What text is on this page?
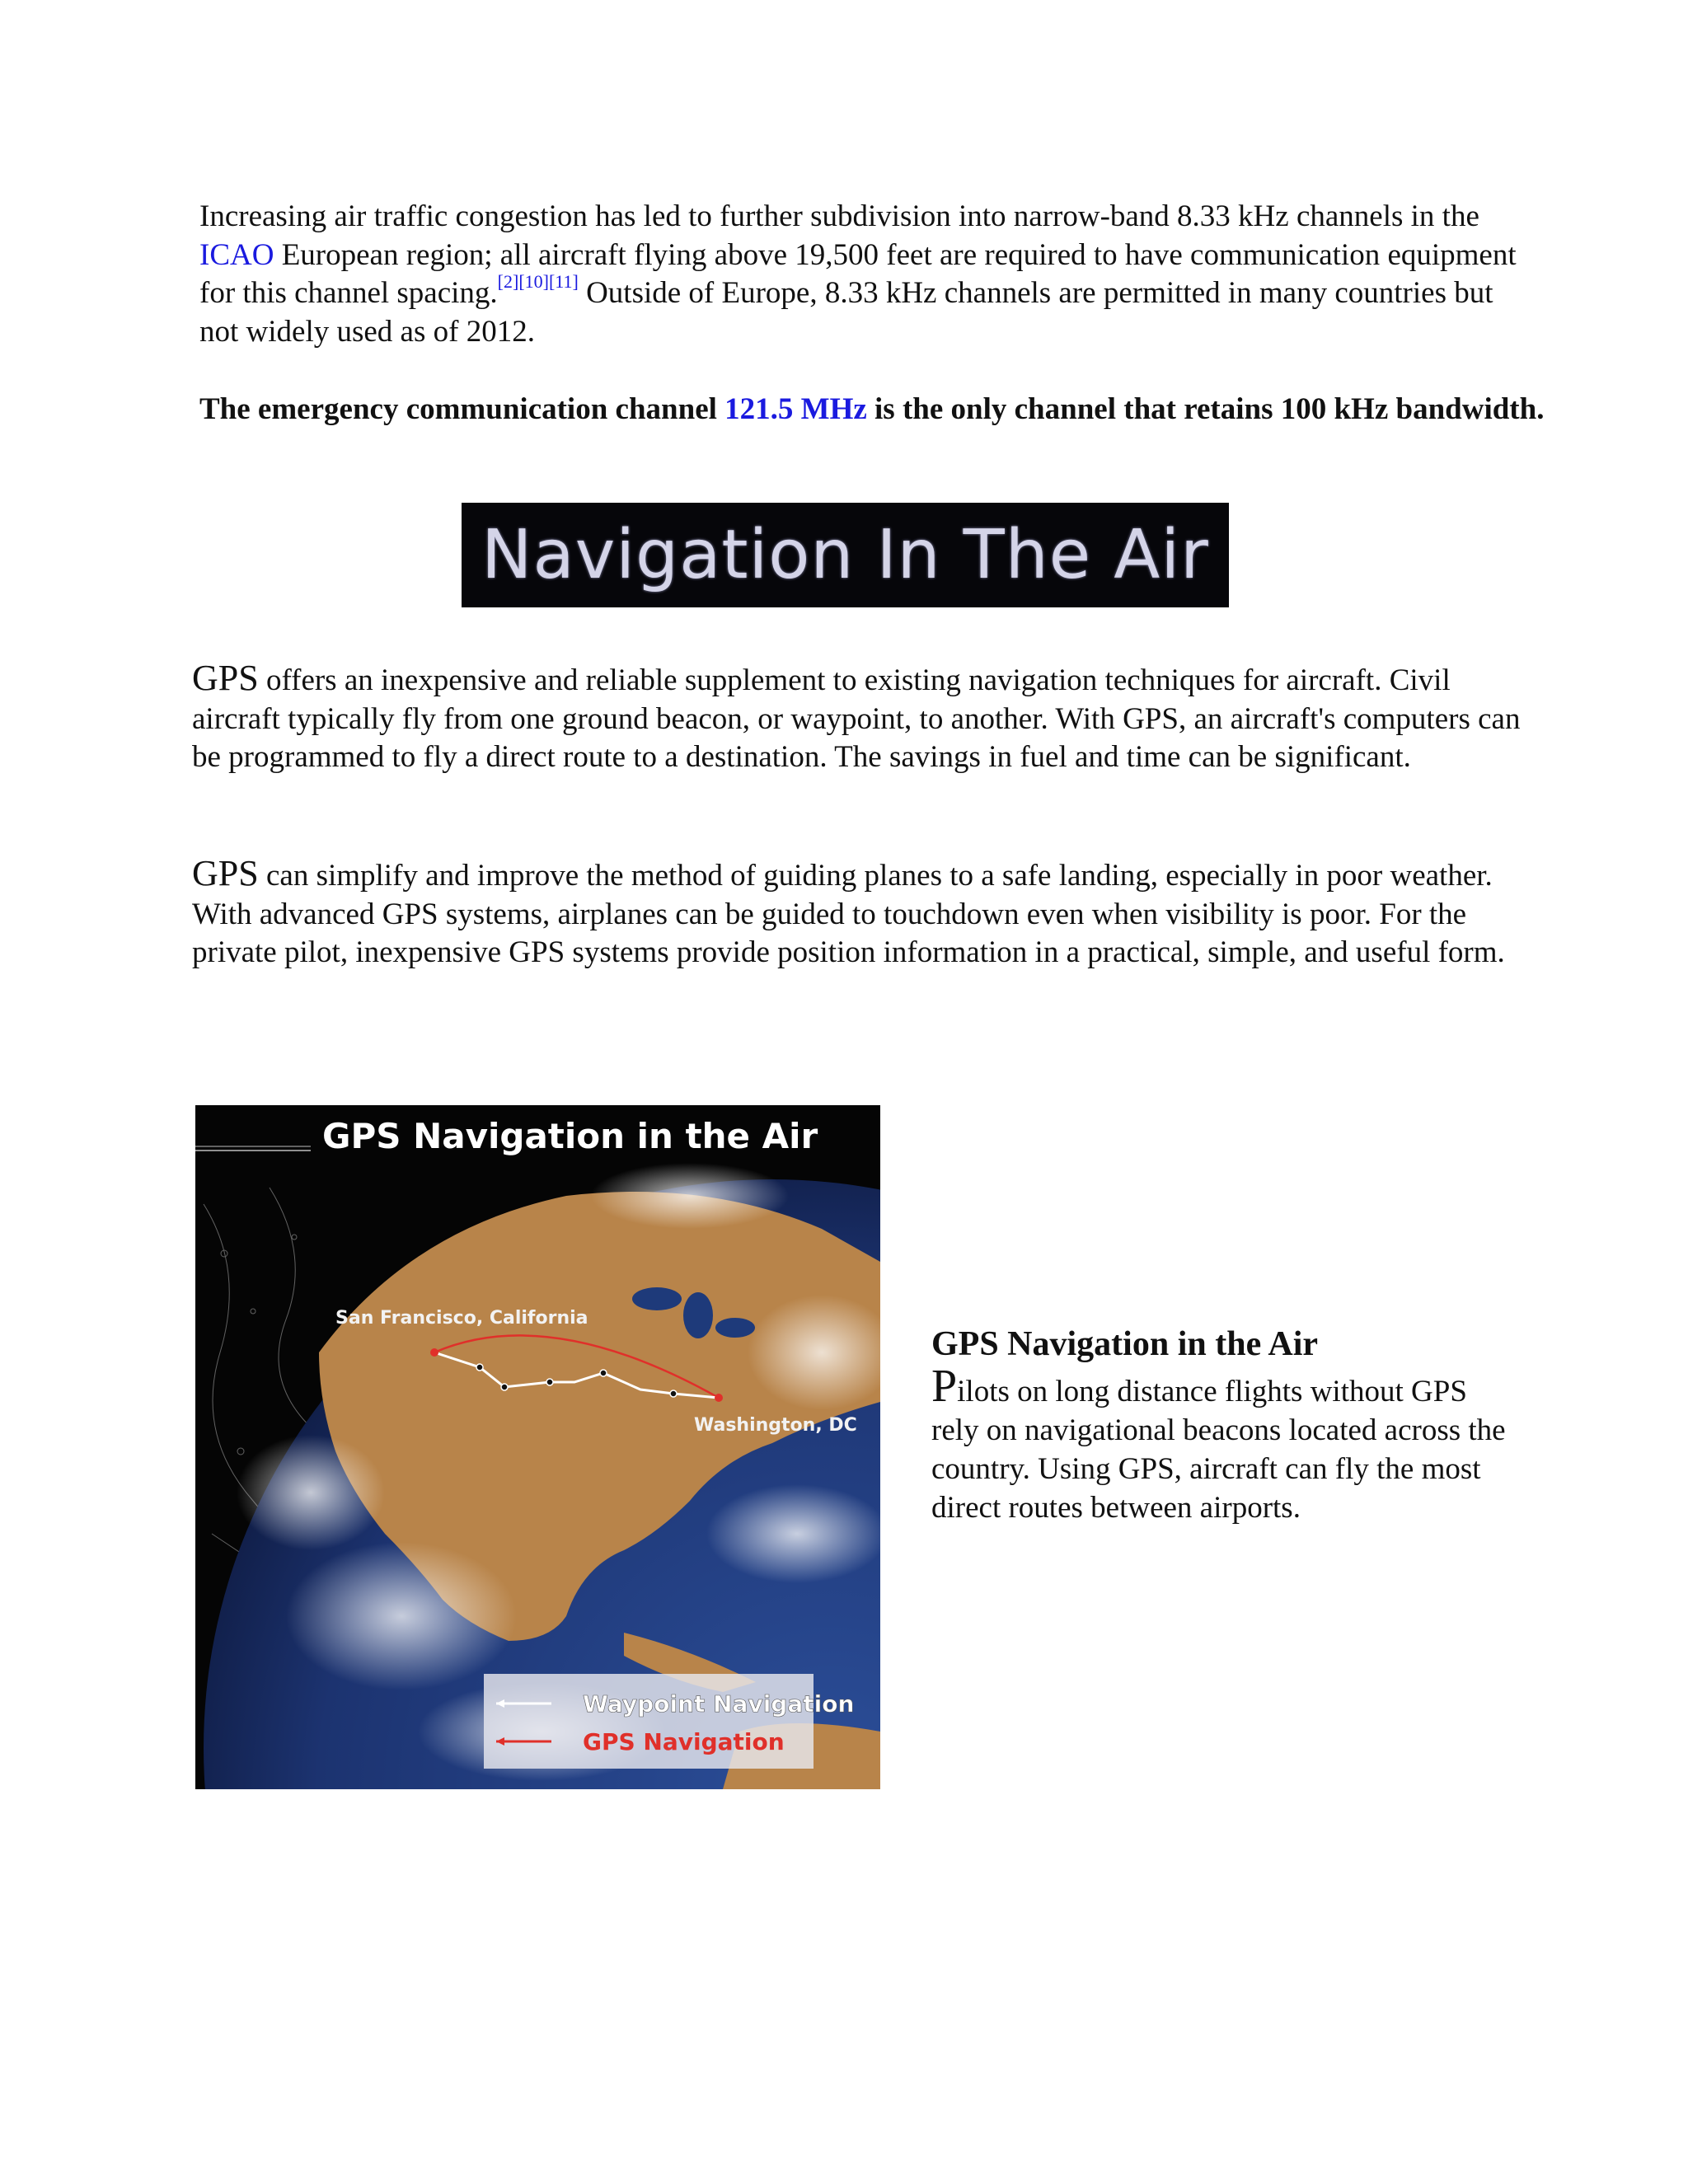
Increasing air traffic congestion has led to further subdivision into narrow-band 8.33 kHz channels in the ICAO European region; all aircraft flying above 19,500 feet are required to have communication equipment for this channel spacing.[2][10][11] Outside of Europe, 8.33 kHz channels are permitted in many countries but not widely used as of 2012.

The emergency communication channel 121.5 MHz is the only channel that retains 100 kHz bandwidth.

Navigation In The Air

GPS offers an inexpensive and reliable supplement to existing navigation techniques for aircraft. Civil aircraft typically fly from one ground beacon, or waypoint, to another. With GPS, an aircraft's computers can be programmed to fly a direct route to a destination. The savings in fuel and time can be significant.

GPS can simplify and improve the method of guiding planes to a safe landing, especially in poor weather. With advanced GPS systems, airplanes can be guided to touchdown even when visibility is poor. For the private pilot, inexpensive GPS systems provide position information in a practical, simple, and useful form.

San Francisco, California
Washington, DC
GPS Navigation in the Air
Waypoint Navigation
GPS Navigation

GPS Navigation in the Air

Pilots on long distance flights without GPS rely on navigational beacons located across the country. Using GPS, aircraft can fly the most direct routes between airports.
